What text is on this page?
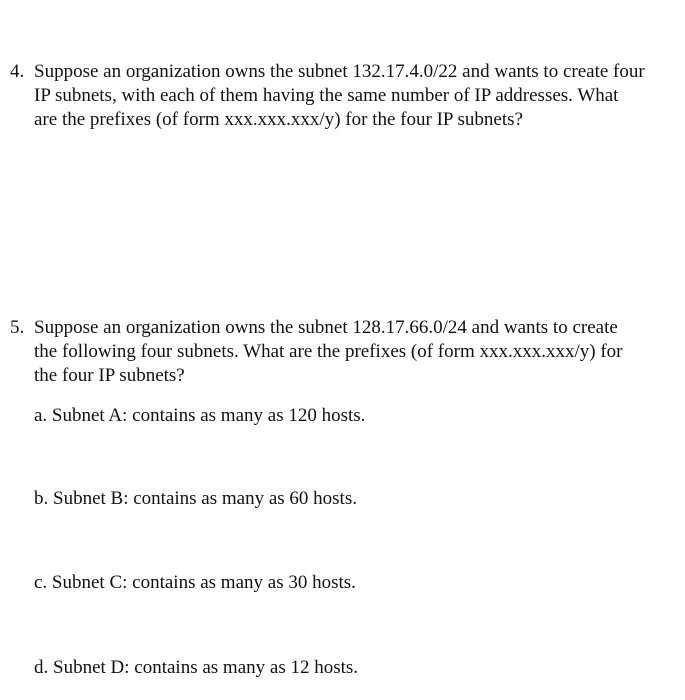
4. Suppose an organization owns the subnet 132.17.4.0/22 and wants to create four
IP subnets, with each of them having the same number of IP addresses. What
are the prefixes (of form xxx.xxx.xxx/y) for the four IP subnets?
5. Suppose an organization owns the subnet 128.17.66.0/24 and wants to create
the following four subnets. What are the prefixes (of form xxx.xxx.xxx/y) for
the four IP subnets?
a. Subnet A: contains as many as 120 hosts.
b. Subnet B: contains as many as 60 hosts.
c. Subnet C: contains as many as 30 hosts.
d. Subnet D: contains as many as 12 hosts.
